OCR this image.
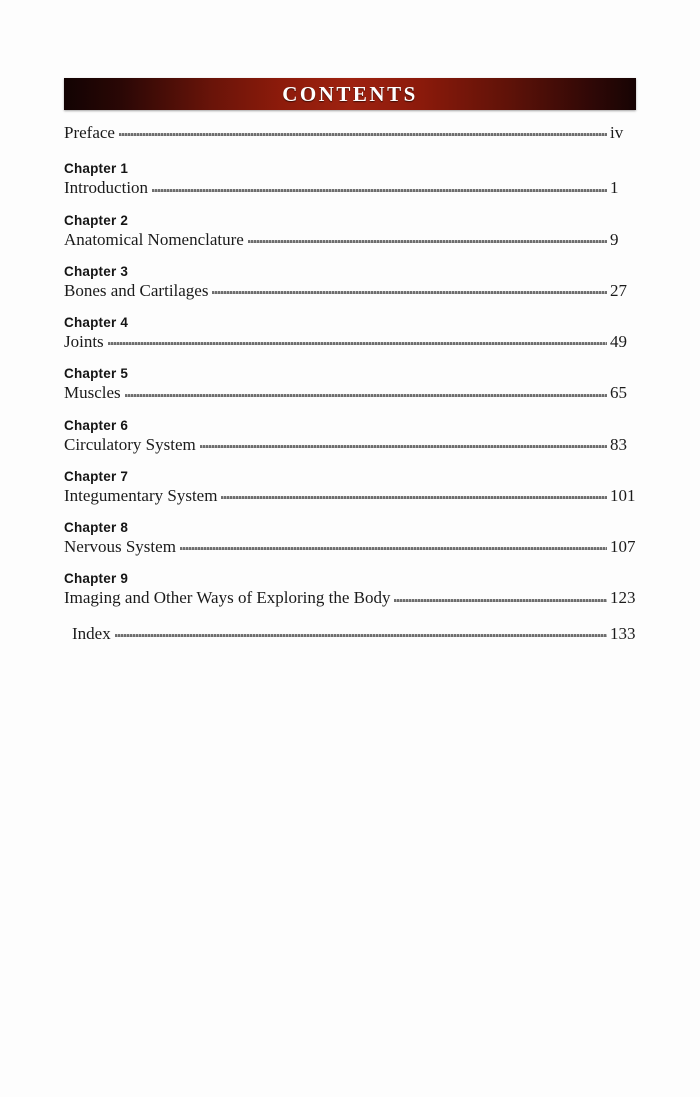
CONTENTS
Preface	iv
Chapter 1
Introduction	1
Chapter 2
Anatomical Nomenclature	9
Chapter 3
Bones and Cartilages	27
Chapter 4
Joints	49
Chapter 5
Muscles	65
Chapter 6
Circulatory System	83
Chapter 7
Integumentary System	101
Chapter 8
Nervous System	107
Chapter 9
Imaging and Other Ways of Exploring the Body	123
Index	133
